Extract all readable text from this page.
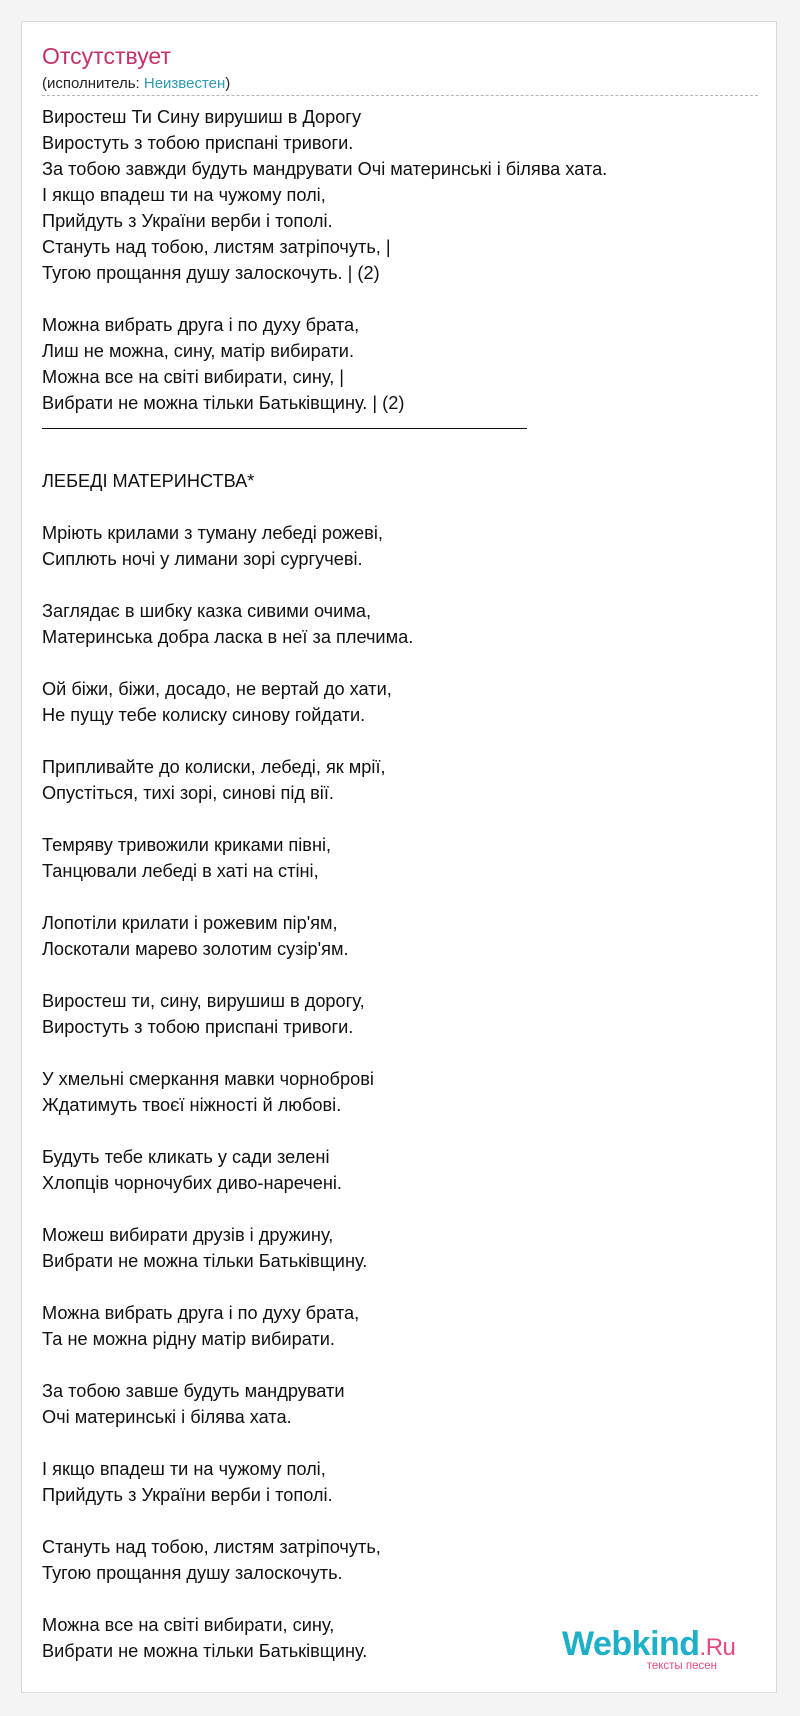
Отсутствует
(исполнитель: Неизвестен)
Виростеш Ти Сину вирушиш в Дорогу
Виростуть з тобою приспані тривоги.
За тобою завжди будуть мандрувати Очі материнські і білява хата.
І якщо впадеш ти на чужому полі,
Прийдуть з України верби і тополі.
Стануть над тобою, листям затріпочуть, |
Тугою прощання душу залоскочуть. | (2)
Можна вибрать друга і по духу брата,
Лиш не можна, сину, матір вибирати.
Можна все на світі вибирати, сину, |
Вибрати не можна тільки Батьківщину. | (2)
ЛЕБЕДІ МАТЕРИНСТВА*
Мріють крилами з туману лебеді рожеві,
Сиплють ночі у лимани зорі сургучеві.
Заглядає в шибку казка сивими очима,
Материнська добра ласка в неї за плечима.
Ой біжи, біжи, досадо, не вертай до хати,
Не пущу тебе колиску синову гойдати.
Припливайте до колиски, лебеді, як мрії,
Опустіться, тихі зорі, синові під вії.
Темряву тривожили криками півні,
Танцювали лебеді в хаті на стіні,
Лопотіли крилати і рожевим пір'ям,
Лоскотали марево золотим сузір'ям.
Виростеш ти, сину, вирушиш в дорогу,
Виростуть з тобою приспані тривоги.
У хмельні смеркання мавки чорноброві
Ждатимуть твоєї ніжності й любові.
Будуть тебе кликать у сади зелені
Хлопців чорночубих диво-наречені.
Можеш вибирати друзів і дружину,
Вибрати не можна тільки Батьківщину.
Можна вибрать друга і по духу брата,
Та не можна рідну матір вибирати.
За тобою завше будуть мандрувати
Очі материнські і білява хата.
І якщо впадеш ти на чужому полі,
Прийдуть з України верби і тополі.
Стануть над тобою, листям затріпочуть,
Тугою прощання душу залоскочуть.
Можна все на світі вибирати, сину,
Вибрати не можна тільки Батьківщину.	Webkind.Ru
тексты песен
